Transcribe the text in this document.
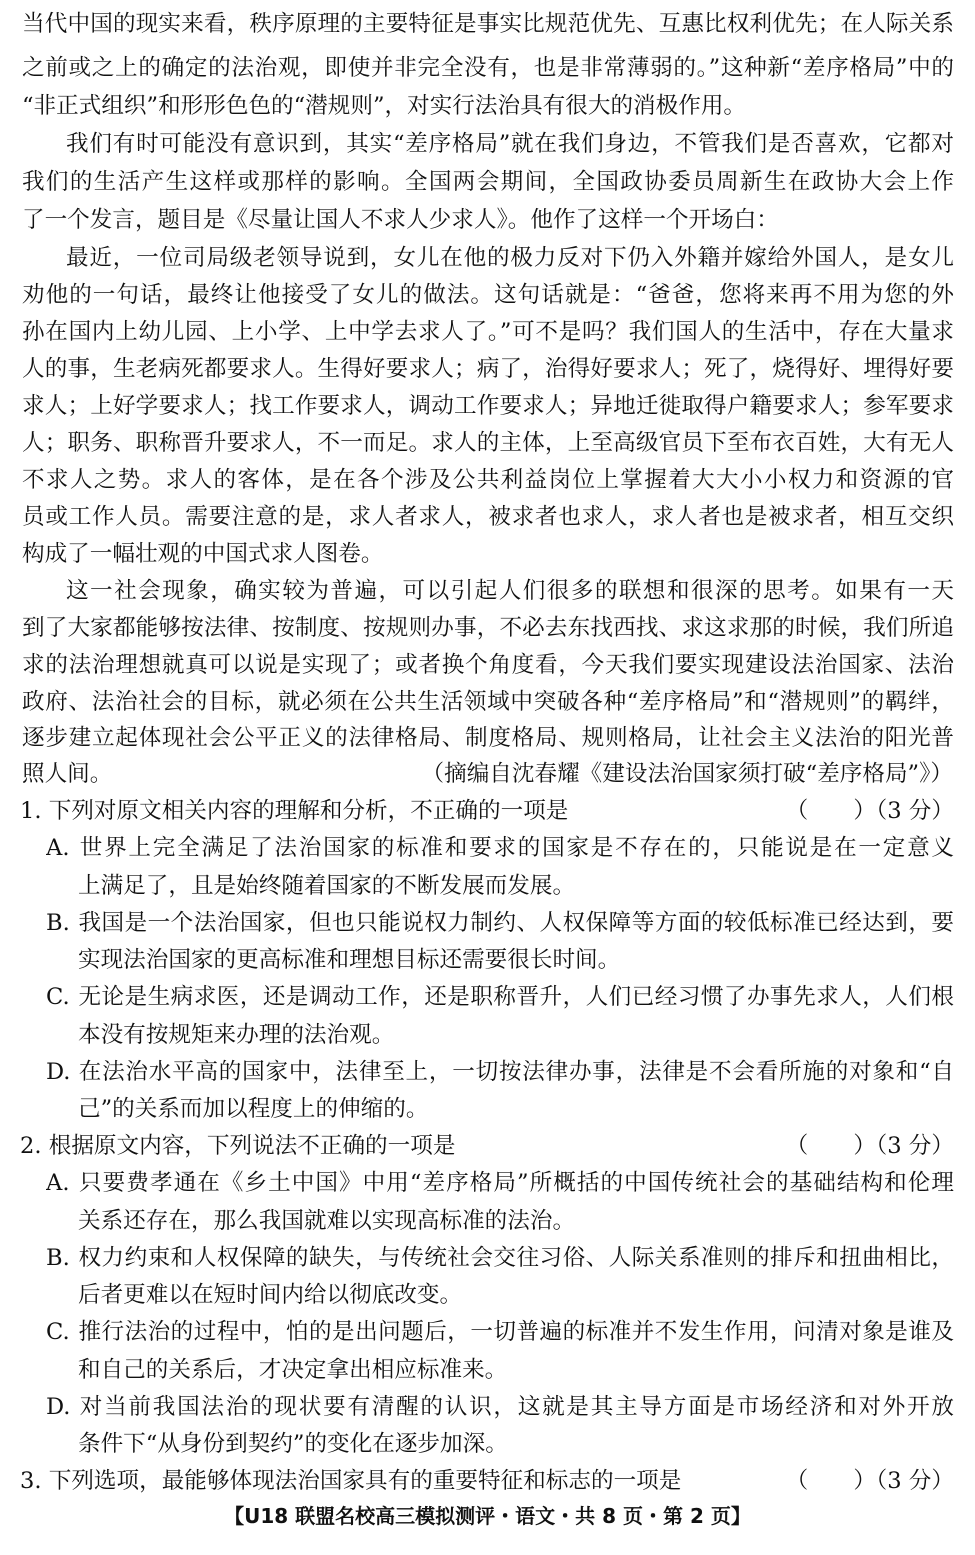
当代中国的现实来看，秩序原理的主要特征是事实比规范优先、互惠比权利优先；在人际关系
之前或之上的确定的法治观，即使并非完全没有，也是非常薄弱的。”这种新“差序格局”中的
“非正式组织”和形形色色的“潜规则”，对实行法治具有很大的消极作用。
我们有时可能没有意识到，其实“差序格局”就在我们身边，不管我们是否喜欢，它都对
我们的生活产生这样或那样的影响。全国两会期间，全国政协委员周新生在政协大会上作
了一个发言，题目是《尽量让国人不求人少求人》。他作了这样一个开场白：
最近，一位司局级老领导说到，女儿在他的极力反对下仍入外籍并嫁给外国人，是女儿
劝他的一句话，最终让他接受了女儿的做法。这句话就是：“爸爸，您将来再不用为您的外
孙在国内上幼儿园、上小学、上中学去求人了。”可不是吗？我们国人的生活中，存在大量求
人的事，生老病死都要求人。生得好要求人；病了，治得好要求人；死了，烧得好、埋得好要
求人；上好学要求人；找工作要求人，调动工作要求人；异地迁徙取得户籍要求人；参军要求
人；职务、职称晋升要求人，不一而足。求人的主体，上至高级官员下至布衣百姓，大有无人
不求人之势。求人的客体，是在各个涉及公共利益岗位上掌握着大大小小权力和资源的官
员或工作人员。需要注意的是，求人者求人，被求者也求人，求人者也是被求者，相互交织
构成了一幅壮观的中国式求人图卷。
这一社会现象，确实较为普遍，可以引起人们很多的联想和很深的思考。如果有一天
到了大家都能够按法律、按制度、按规则办事，不必去东找西找、求这求那的时候，我们所追
求的法治理想就真可以说是实现了；或者换个角度看，今天我们要实现建设法治国家、法治
政府、法治社会的目标，就必须在公共生活领域中突破各种“差序格局”和“潜规则”的羁绊，
逐步建立起体现社会公平正义的法律格局、制度格局、规则格局，让社会主义法治的阳光普
照人间。	（摘编自沈春耀《建设法治国家须打破“差序格局”》）
1. 下列对原文相关内容的理解和分析，不正确的一项是	（　　）（3 分）
A. 世界上完全满足了法治国家的标准和要求的国家是不存在的，只能说是在一定意义
上满足了，且是始终随着国家的不断发展而发展。
B. 我国是一个法治国家，但也只能说权力制约、人权保障等方面的较低标准已经达到，要
实现法治国家的更高标准和理想目标还需要很长时间。
C. 无论是生病求医，还是调动工作，还是职称晋升，人们已经习惯了办事先求人，人们根
本没有按规矩来办理的法治观。
D. 在法治水平高的国家中，法律至上，一切按法律办事，法律是不会看所施的对象和“自
己”的关系而加以程度上的伸缩的。
2. 根据原文内容，下列说法不正确的一项是	（　　）（3 分）
A. 只要费孝通在《乡土中国》中用“差序格局”所概括的中国传统社会的基础结构和伦理
关系还存在，那么我国就难以实现高标准的法治。
B. 权力约束和人权保障的缺失，与传统社会交往习俗、人际关系准则的排斥和扭曲相比，
后者更难以在短时间内给以彻底改变。
C. 推行法治的过程中，怕的是出问题后，一切普遍的标准并不发生作用，问清对象是谁及
和自己的关系后，才决定拿出相应标准来。
D. 对当前我国法治的现状要有清醒的认识，这就是其主导方面是市场经济和对外开放
条件下“从身份到契约”的变化在逐步加深。
3. 下列选项，最能够体现法治国家具有的重要特征和标志的一项是	（　　）（3 分）
【U18 联盟名校高三模拟测评・语文・共 8 页・第 2 页】
